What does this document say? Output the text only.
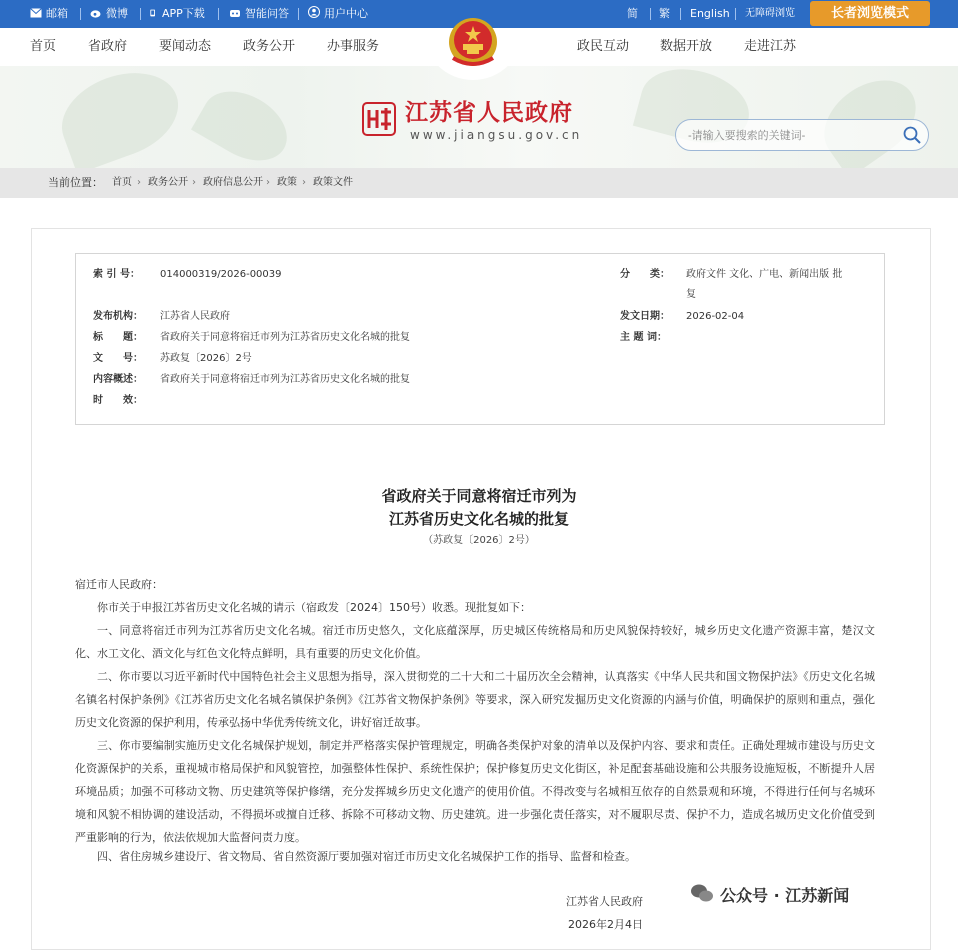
邮箱	微博	APP下载	智能问答	用户中心	简 繁 English 无障碍浏览	长者浏览模式
首页 省政府 要闻动态 政务公开 办事服务	政民互动 数据开放 走进江苏
江苏省人民政府
www.jiangsu.gov.cn
-请输入要搜索的关键词-
当前位置： 首页 › 政务公开 › 政府信息公开 › 政策 › 政策文件
索 引 号： 014000319/2026-00039	分　　类： 政府文件 文化、广电、新闻出版 批
复
发布机构： 江苏省人民政府	发文日期： 2026-02-04
标　　题： 省政府关于同意将宿迁市列为江苏省历史文化名城的批复	主 题 词：
文　　号： 苏政复〔2026〕2号
内容概述： 省政府关于同意将宿迁市列为江苏省历史文化名城的批复
时　　效：
省政府关于同意将宿迁市列为
江苏省历史文化名城的批复
（苏政复〔2026〕2号）
宿迁市人民政府：
你市关于申报江苏省历史文化名城的请示（宿政发〔2024〕150号）收悉。现批复如下：
一、同意将宿迁市列为江苏省历史文化名城。宿迁市历史悠久，文化底蕴深厚，历史城区传统格局和历史风貌保持较好，城乡历史文化遗产资源丰富，楚汉文化、水工文化、酒文化与红色文化特点鲜明，具有重要的历史文化价值。
二、你市要以习近平新时代中国特色社会主义思想为指导，深入贯彻党的二十大和二十届历次全会精神，认真落实《中华人民共和国文物保护法》《历史文化名城名镇名村保护条例》《江苏省历史文化名城名镇保护条例》《江苏省文物保护条例》等要求，深入研究发掘历史文化资源的内涵与价值，明确保护的原则和重点，强化历史文化资源的保护利用，传承弘扬中华优秀传统文化，讲好宿迁故事。
三、你市要编制实施历史文化名城保护规划，制定并严格落实保护管理规定，明确各类保护对象的清单以及保护内容、要求和责任。正确处理城市建设与历史文化资源保护的关系，重视城市格局保护和风貌管控，加强整体性保护、系统性保护；保护修复历史文化街区，补足配套基础设施和公共服务设施短板，不断提升人居环境品质；加强不可移动文物、历史建筑等保护修缮，充分发挥城乡历史文化遗产的使用价值。不得改变与名城相互依存的自然景观和环境，不得进行任何与名城环境和风貌不相协调的建设活动，不得损坏或擅自迁移、拆除不可移动文物、历史建筑。进一步强化责任落实，对不履职尽责、保护不力，造成名城历史文化价值受到严重影响的行为，依法依规加大监督问责力度。
四、省住房城乡建设厅、省文物局、省自然资源厅要加强对宿迁市历史文化名城保护工作的指导、监督和检查。
江苏省人民政府
2026年2月4日
公众号 · 江苏新闻
